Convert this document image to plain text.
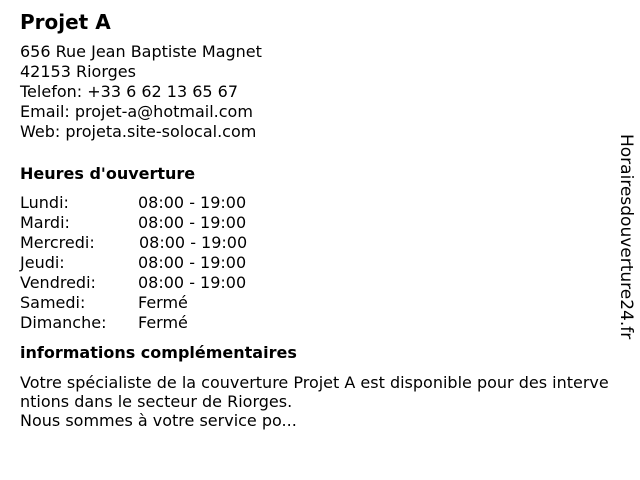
Projet A
656 Rue Jean Baptiste Magnet
42153 Riorges
Telefon: +33 6 62 13 65 67
Email: projet-a@hotmail.com
Web: projeta.site-solocal.com
Heures d'ouverture
Lundi:	08:00 - 19:00
Mardi:	08:00 - 19:00
Mercredi:	08:00 - 19:00
Jeudi:	08:00 - 19:00
Vendredi:	08:00 - 19:00
Samedi:	Fermé
Dimanche:	Fermé
informations complémentaires
Votre spécialiste de la couverture Projet A est disponible pour des interventions dans le secteur de Riorges.
Nous sommes à votre service po...
Horairesdouverture24.fr
